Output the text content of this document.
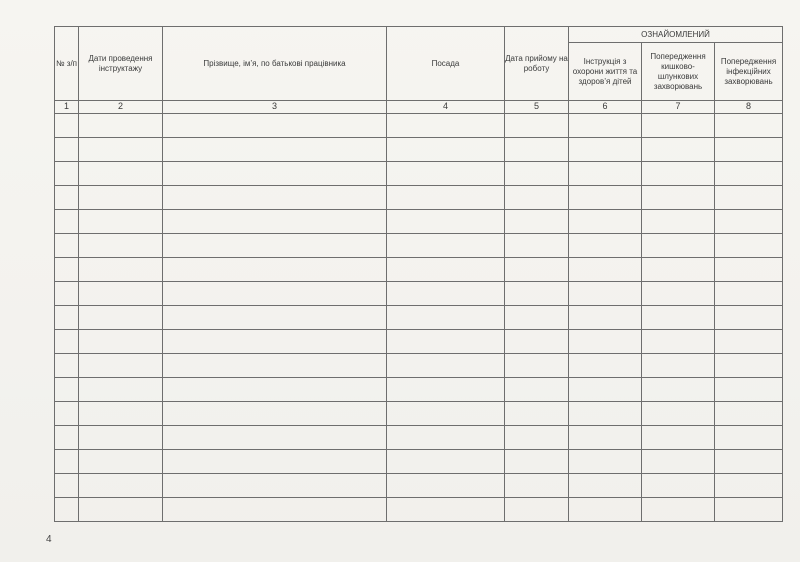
№ з/п	Дати проведення інструктажу	Прізвище, ім’я, по батькові працівника	Посада	Дата прийому на роботу	ОЗНАЙОМЛЕНИЙ		
					Інструкція з охорони життя та здоров’я дітей	Попередження кишково-шлункових захворювань	Попередження інфекційних захворювань
1	2	3	4	5	6	7	8

4
